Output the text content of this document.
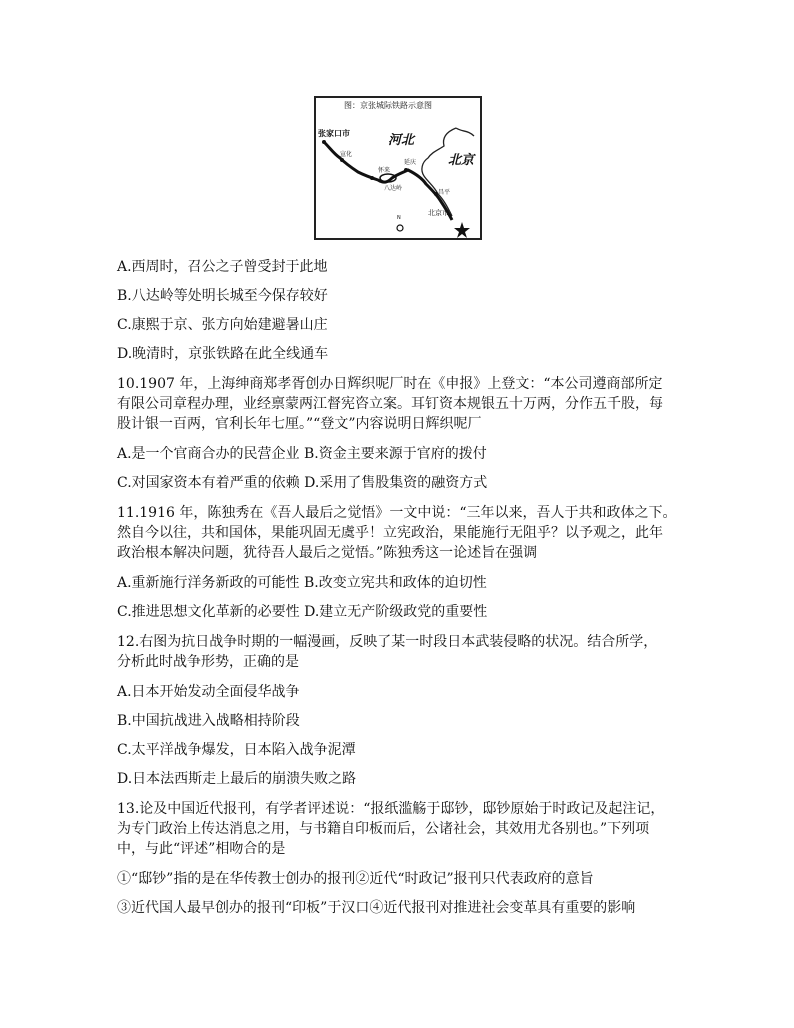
图：京张城际铁路示意图
张家口市	河北
北京
宣化
怀来
延庆
八达岭
昌平
北京市
N
A.西周时，召公之子曾受封于此地
B.八达岭等处明长城至今保存较好
C.康熙于京、张方向始建避暑山庄
D.晚清时，京张铁路在此全线通车
10.1907 年，上海绅商郑孝胥创办日辉织呢厂时在《申报》上登文：“本公司遵商部所定
有限公司章程办理，业经禀蒙两江督宪咨立案。耳钉资本规银五十万两，分作五千股，每
股计银一百两，官利长年七厘。”“登文”内容说明日辉织呢厂
A.是一个官商合办的民营企业 B.资金主要来源于官府的拨付
C.对国家资本有着严重的依赖 D.采用了售股集资的融资方式
11.1916 年，陈独秀在《吾人最后之觉悟》一文中说：“三年以来，吾人于共和政体之下。
然自今以往，共和国体，果能巩固无虞乎！立宪政治，果能施行无阻乎？以予观之，此年
政治根本解决问题，犹待吾人最后之觉悟。”陈独秀这一论述旨在强调
A.重新施行洋务新政的可能性 B.改变立宪共和政体的迫切性
C.推进思想文化革新的必要性 D.建立无产阶级政党的重要性
12.右图为抗日战争时期的一幅漫画，反映了某一时段日本武装侵略的状况。结合所学，
分析此时战争形势，正确的是
A.日本开始发动全面侵华战争
B.中国抗战进入战略相持阶段
C.太平洋战争爆发，日本陷入战争泥潭
D.日本法西斯走上最后的崩溃失败之路
13.论及中国近代报刊，有学者评述说：“报纸滥觞于邸钞，邸钞原始于时政记及起注记，
为专门政治上传达消息之用，与书籍自印板而后，公诸社会，其效用尤各别也。”下列项
中，与此“评述”相吻合的是
①“邸钞”指的是在华传教士创办的报刊②近代“时政记”报刊只代表政府的意旨
③近代国人最早创办的报刊“印板”于汉口④近代报刊对推进社会变革具有重要的影响
